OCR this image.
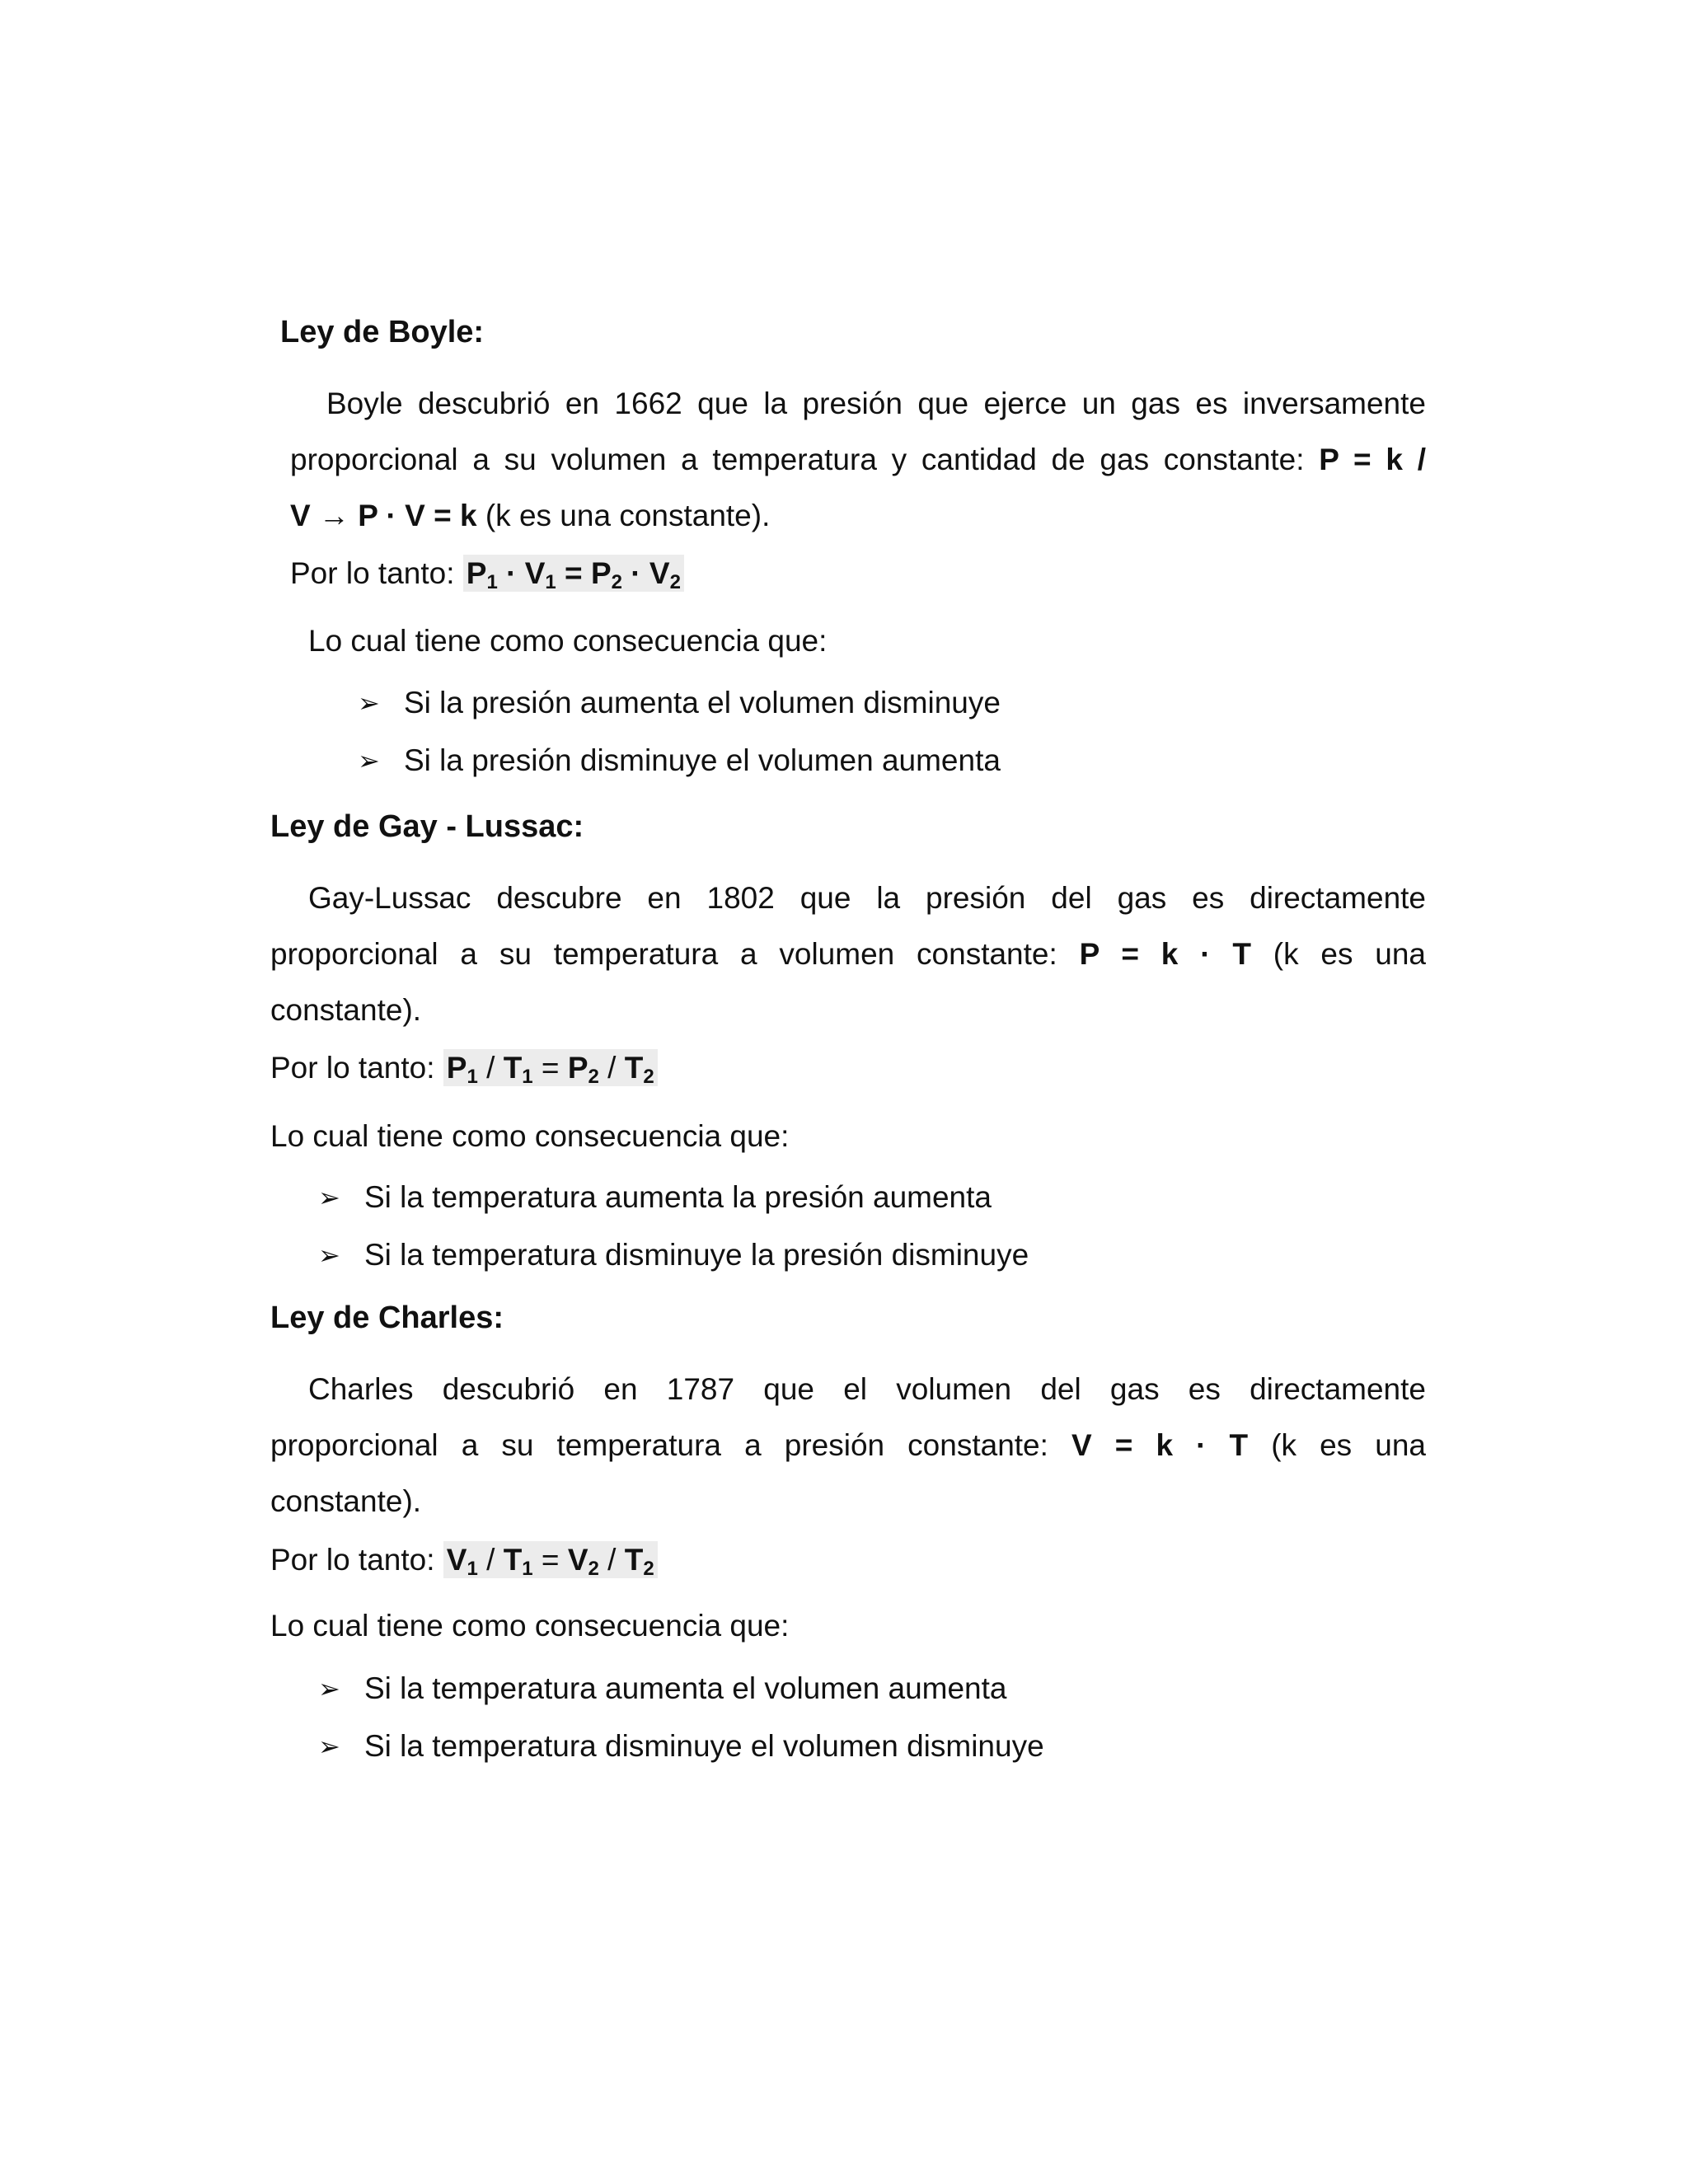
Ley de Boyle:
Boyle descubrió en 1662 que la presión que ejerce un gas es inversamente
proporcional a su volumen a temperatura y cantidad de gas constante: P = k /
V → P · V = k (k es una constante).
Por lo tanto: $P_1 \cdot V_1 = P_2 \cdot V_2$
Lo cual tiene como consecuencia que:
➢ Si la presión aumenta el volumen disminuye
➢ Si la presión disminuye el volumen aumenta
Ley de Gay - Lussac:
Gay-Lussac descubre en 1802 que la presión del gas es directamente
proporcional a su temperatura a volumen constante: P = k · T (k es una
constante).
Por lo tanto: $P_1 / T_1 = P_2 / T_2$
Lo cual tiene como consecuencia que:
➢ Si la temperatura aumenta la presión aumenta
➢ Si la temperatura disminuye la presión disminuye
Ley de Charles:
Charles descubrió en 1787 que el volumen del gas es directamente
proporcional a su temperatura a presión constante: V = k · T (k es una
constante).
Por lo tanto: $V_1 / T_1 = V_2 / T_2$
Lo cual tiene como consecuencia que:
➢ Si la temperatura aumenta el volumen aumenta
➢ Si la temperatura disminuye el volumen disminuye
